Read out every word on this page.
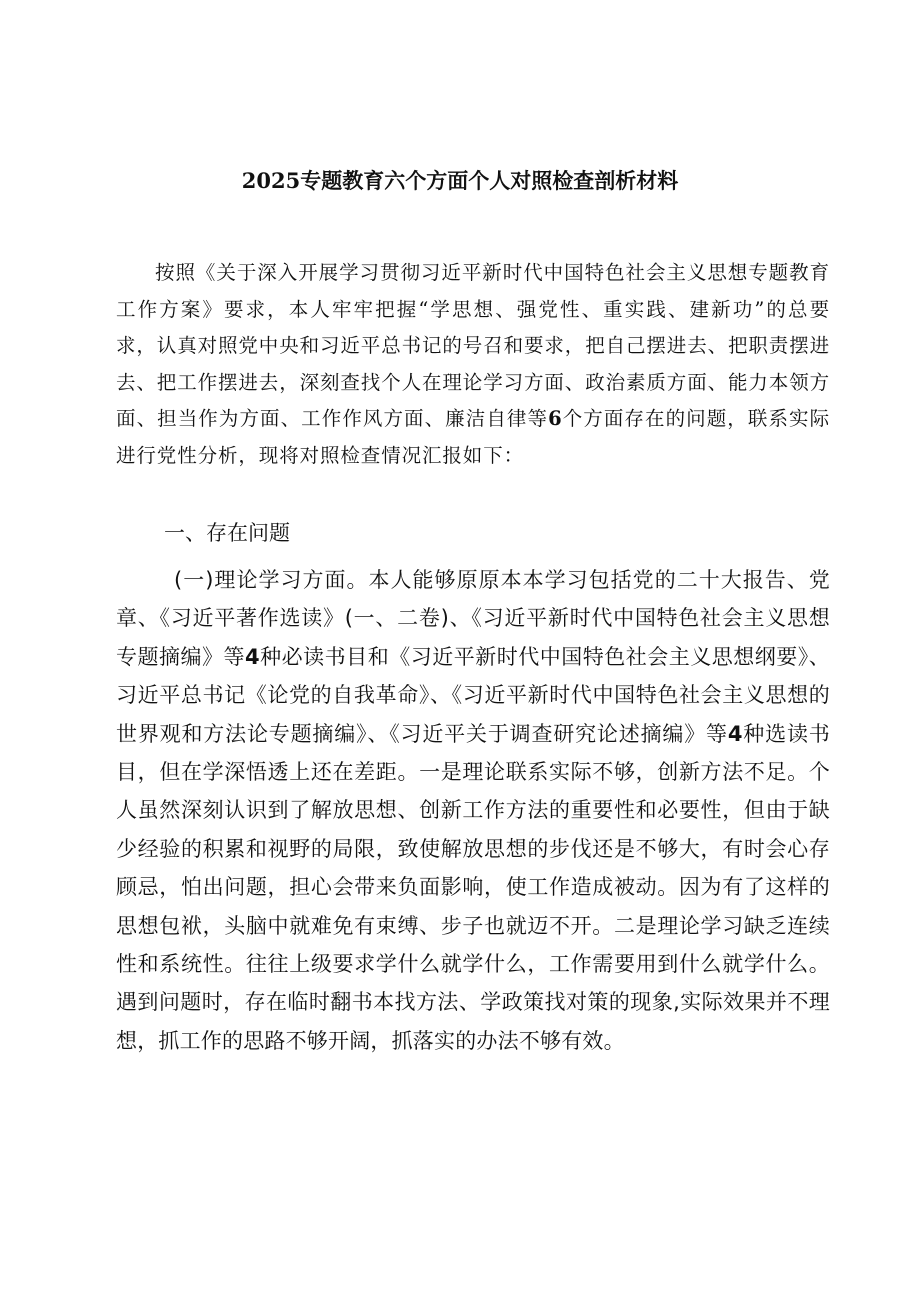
2025专题教育六个方面个人对照检查剖析材料

按照《关于深入开展学习贯彻习近平新时代中国特色社会主义思想专题教育工作方案》要求，本人牢牢把握“学思想、强党性、重实践、建新功”的总要求，认真对照党中央和习近平总书记的号召和要求，把自己摆进去、把职责摆进去、把工作摆进去，深刻查找个人在理论学习方面、政治素质方面、能力本领方面、担当作为方面、工作作风方面、廉洁自律等6个方面存在的问题，联系实际进行党性分析，现将对照检查情况汇报如下：

一、存在问题

(一)理论学习方面。本人能够原原本本学习包括党的二十大报告、党章、《习近平著作选读》(一、二卷)、《习近平新时代中国特色社会主义思想专题摘编》等4种必读书目和《习近平新时代中国特色社会主义思想纲要》、习近平总书记《论党的自我革命》、《习近平新时代中国特色社会主义思想的世界观和方法论专题摘编》、《习近平关于调查研究论述摘编》等4种选读书目，但在学深悟透上还在差距。一是理论联系实际不够，创新方法不足。个人虽然深刻认识到了解放思想、创新工作方法的重要性和必要性，但由于缺少经验的积累和视野的局限，致使解放思想的步伐还是不够大，有时会心存顾忌，怕出问题，担心会带来负面影响，使工作造成被动。因为有了这样的思想包袱，头脑中就难免有束缚、步子也就迈不开。二是理论学习缺乏连续性和系统性。往往上级要求学什么就学什么，工作需要用到什么就学什么。遇到问题时，存在临时翻书本找方法、学政策找对策的现象,实际效果并不理想，抓工作的思路不够开阔，抓落实的办法不够有效。
